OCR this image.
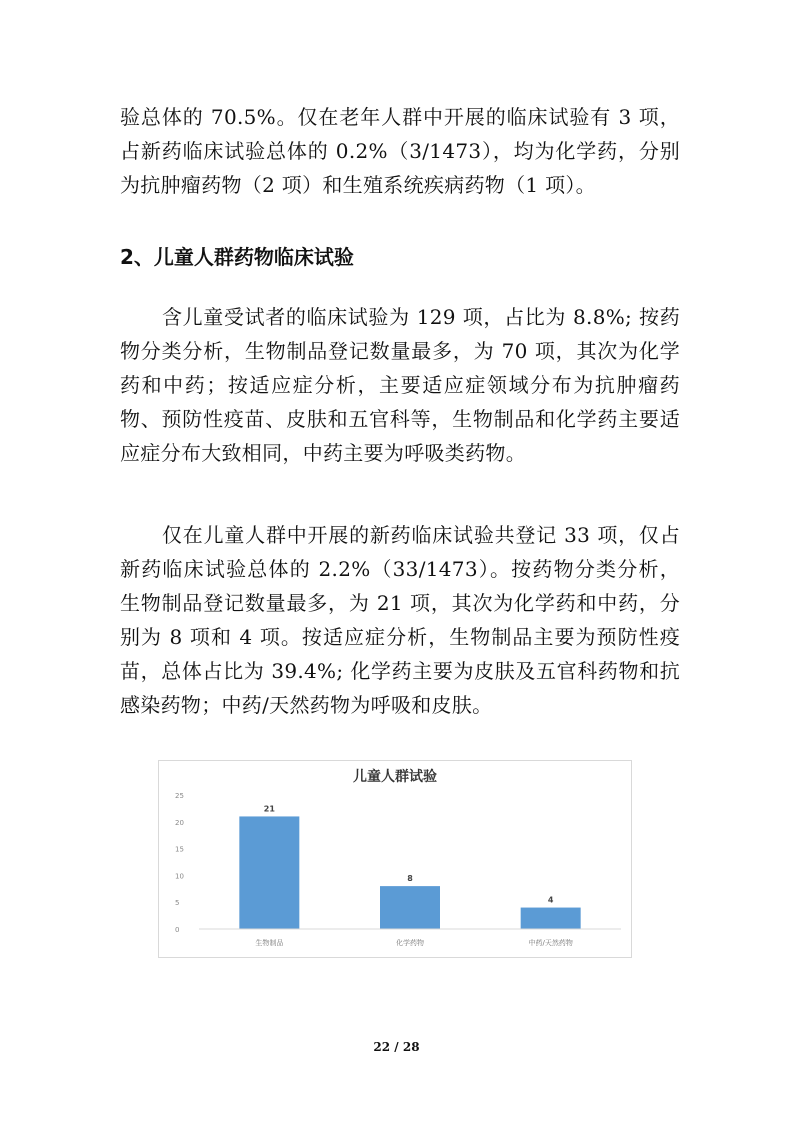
验总体的 70.5%。仅在老年人群中开展的临床试验有 3 项，占新药临床试验总体的 0.2%（3/1473），均为化学药，分别为抗肿瘤药物（2 项）和生殖系统疾病药物（1 项）。

2、儿童人群药物临床试验

含儿童受试者的临床试验为 129 项，占比为 8.8%; 按药物分类分析，生物制品登记数量最多，为 70 项，其次为化学药和中药；按适应症分析，主要适应症领域分布为抗肿瘤药物、预防性疫苗、皮肤和五官科等，生物制品和化学药主要适应症分布大致相同，中药主要为呼吸类药物。

仅在儿童人群中开展的新药临床试验共登记 33 项，仅占新药临床试验总体的 2.2%（33/1473）。按药物分类分析，生物制品登记数量最多，为 21 项，其次为化学药和中药，分别为 8 项和 4 项。按适应症分析，生物制品主要为预防性疫苗，总体占比为 39.4%; 化学药主要为皮肤及五官科药物和抗感染药物；中药/天然药物为呼吸和皮肤。

儿童人群试验
0
5
10
15
20
25
21
8
4
生物制品	化学药物	中药/天然药物
22 / 28
